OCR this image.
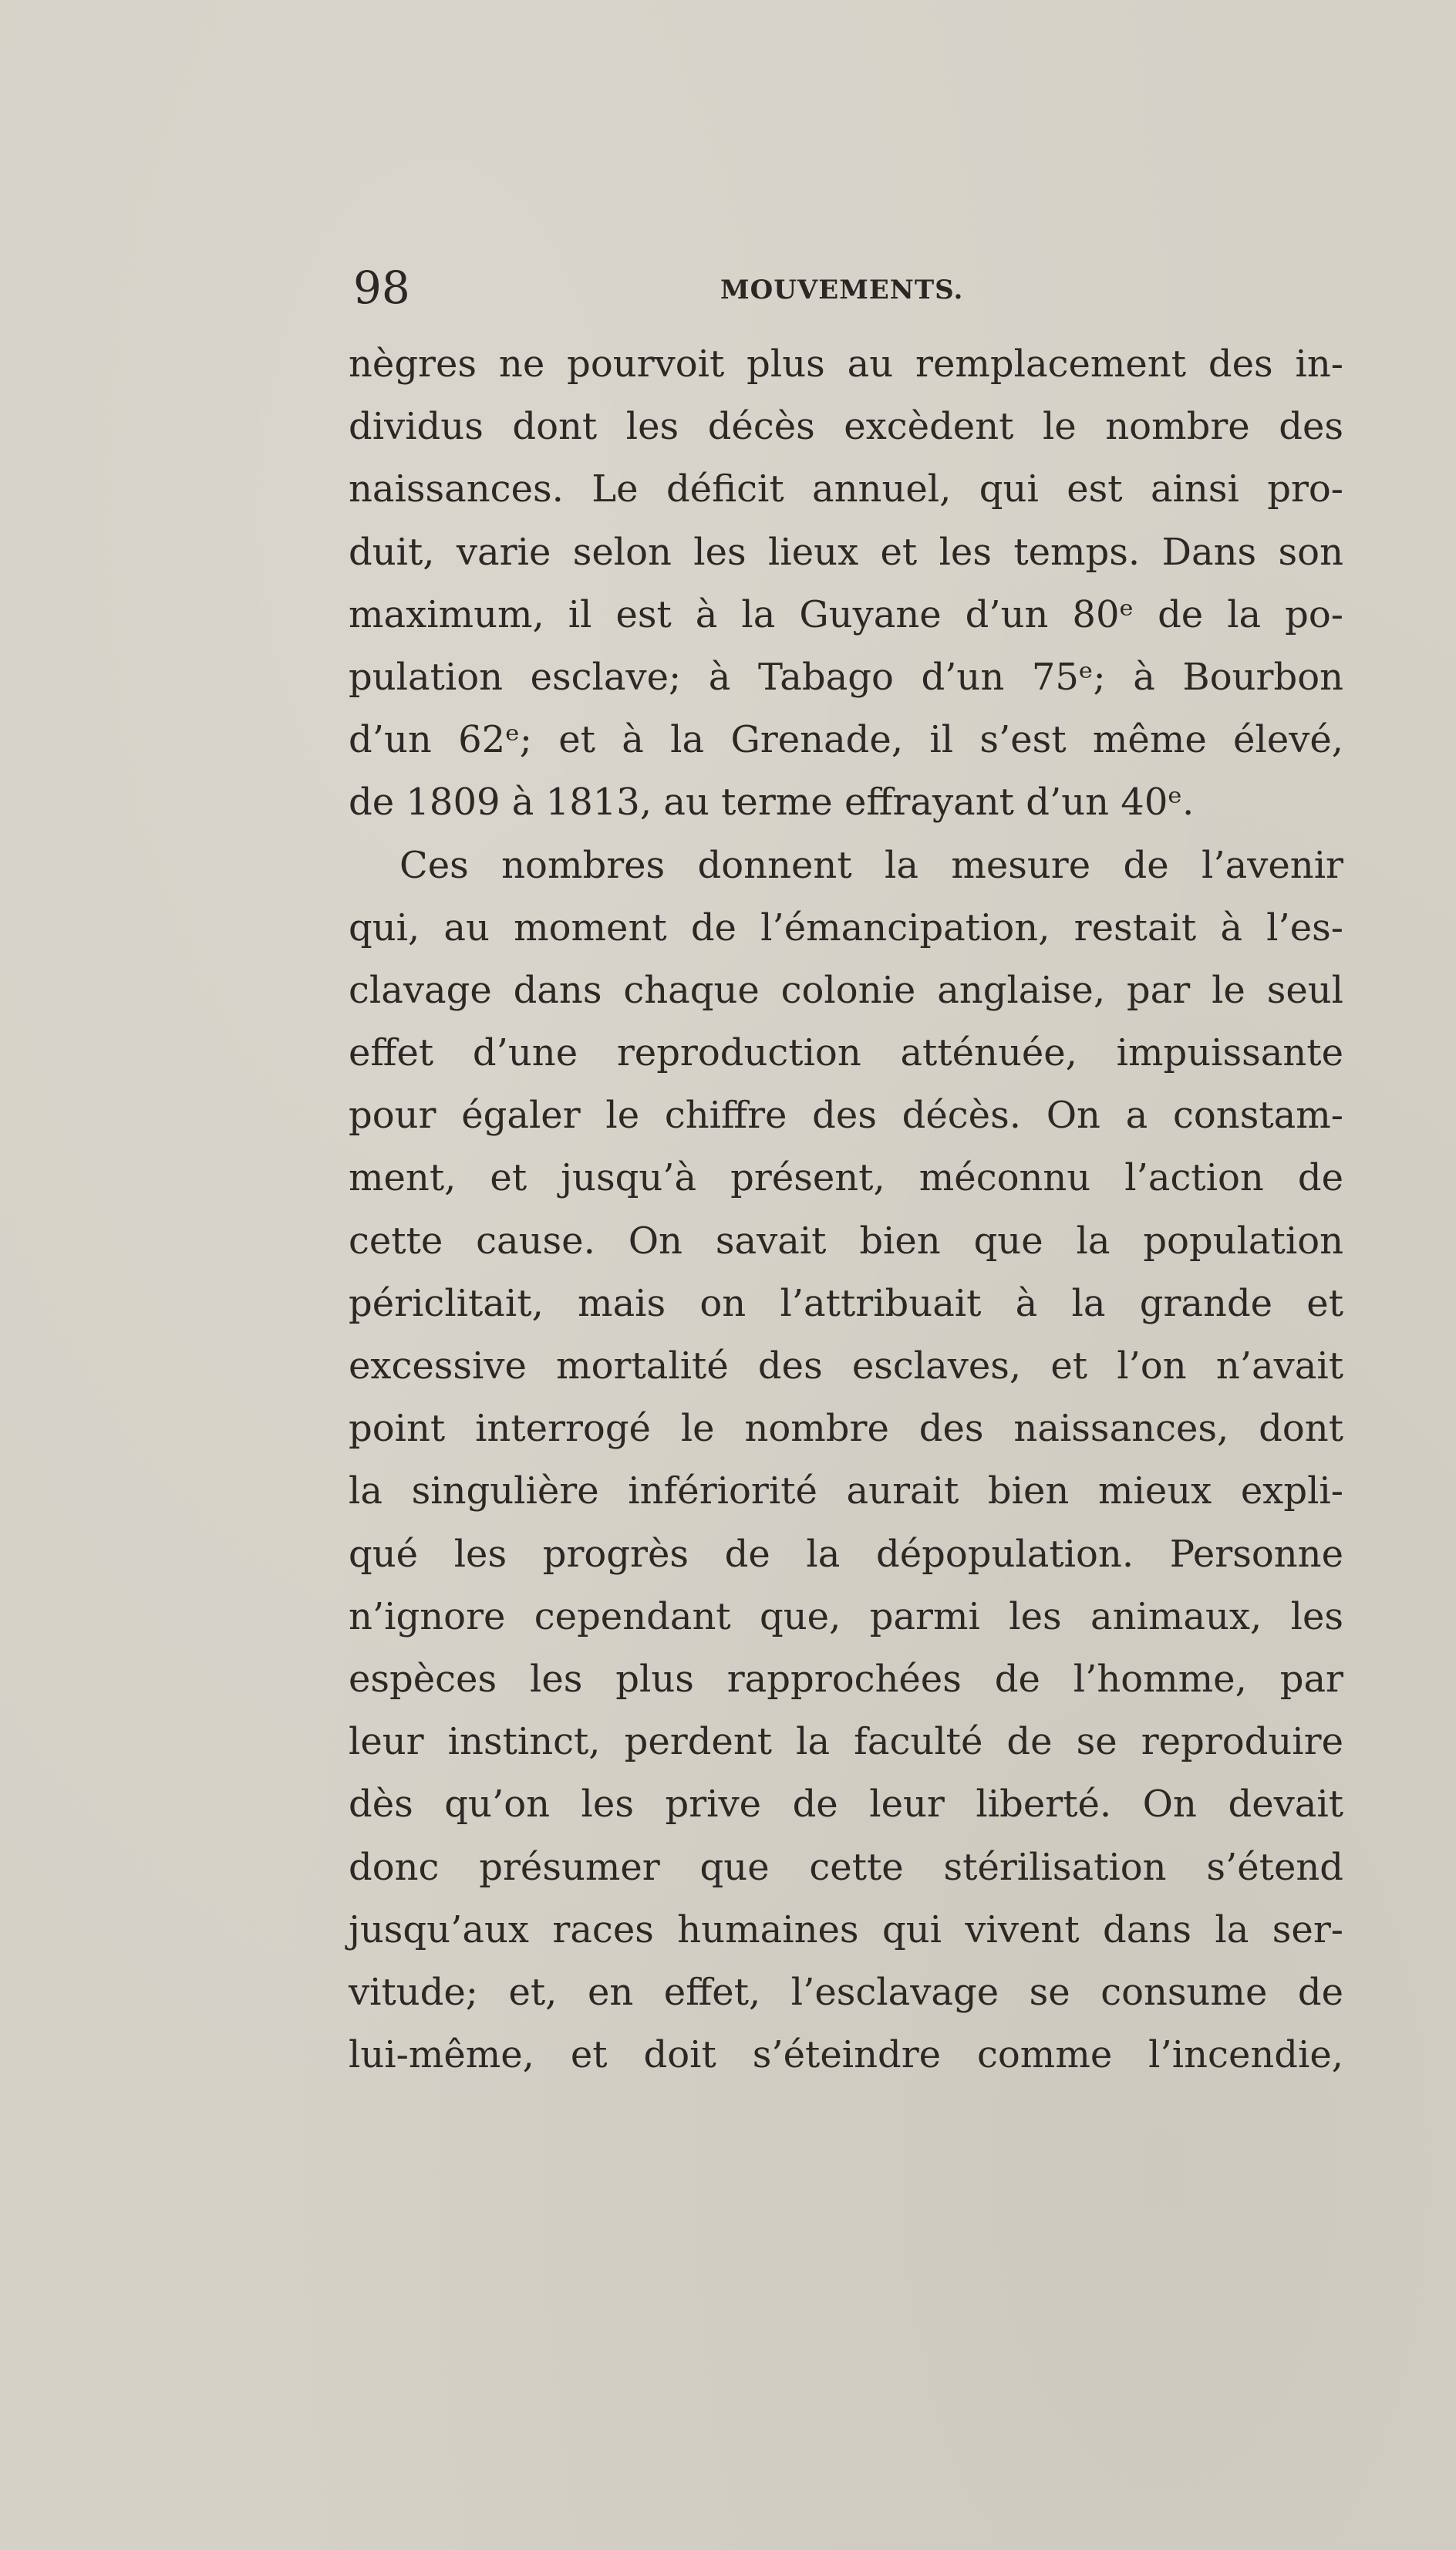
98	MOUVEMENTS.
nègres ne pourvoit plus au remplacement des in-
dividus dont les décès excèdent le nombre des
naissances. Le déficit annuel, qui est ainsi pro-
duit, varie selon les lieux et les temps. Dans son
maximum, il est à la Guyane d’un 80ᵉ de la po-
pulation esclave; à Tabago d’un 75ᵉ; à Bourbon
d’un 62ᵉ; et à la Grenade, il s’est même élevé,
de 1809 à 1813, au terme effrayant d’un 40ᵉ.
Ces nombres donnent la mesure de l’avenir
qui, au moment de l’émancipation, restait à l’es-
clavage dans chaque colonie anglaise, par le seul
effet d’une reproduction atténuée, impuissante
pour égaler le chiffre des décès. On a constam-
ment, et jusqu’à présent, méconnu l’action de
cette cause. On savait bien que la population
périclitait, mais on l’attribuait à la grande et
excessive mortalité des esclaves, et l’on n’avait
point interrogé le nombre des naissances, dont
la singulière infériorité aurait bien mieux expli-
qué les progrès de la dépopulation. Personne
n’ignore cependant que, parmi les animaux, les
espèces les plus rapprochées de l’homme, par
leur instinct, perdent la faculté de se reproduire
dès qu’on les prive de leur liberté. On devait
donc présumer que cette stérilisation s’étend
jusqu’aux races humaines qui vivent dans la ser-
vitude; et, en effet, l’esclavage se consume de
lui-même, et doit s’éteindre comme l’incendie,
